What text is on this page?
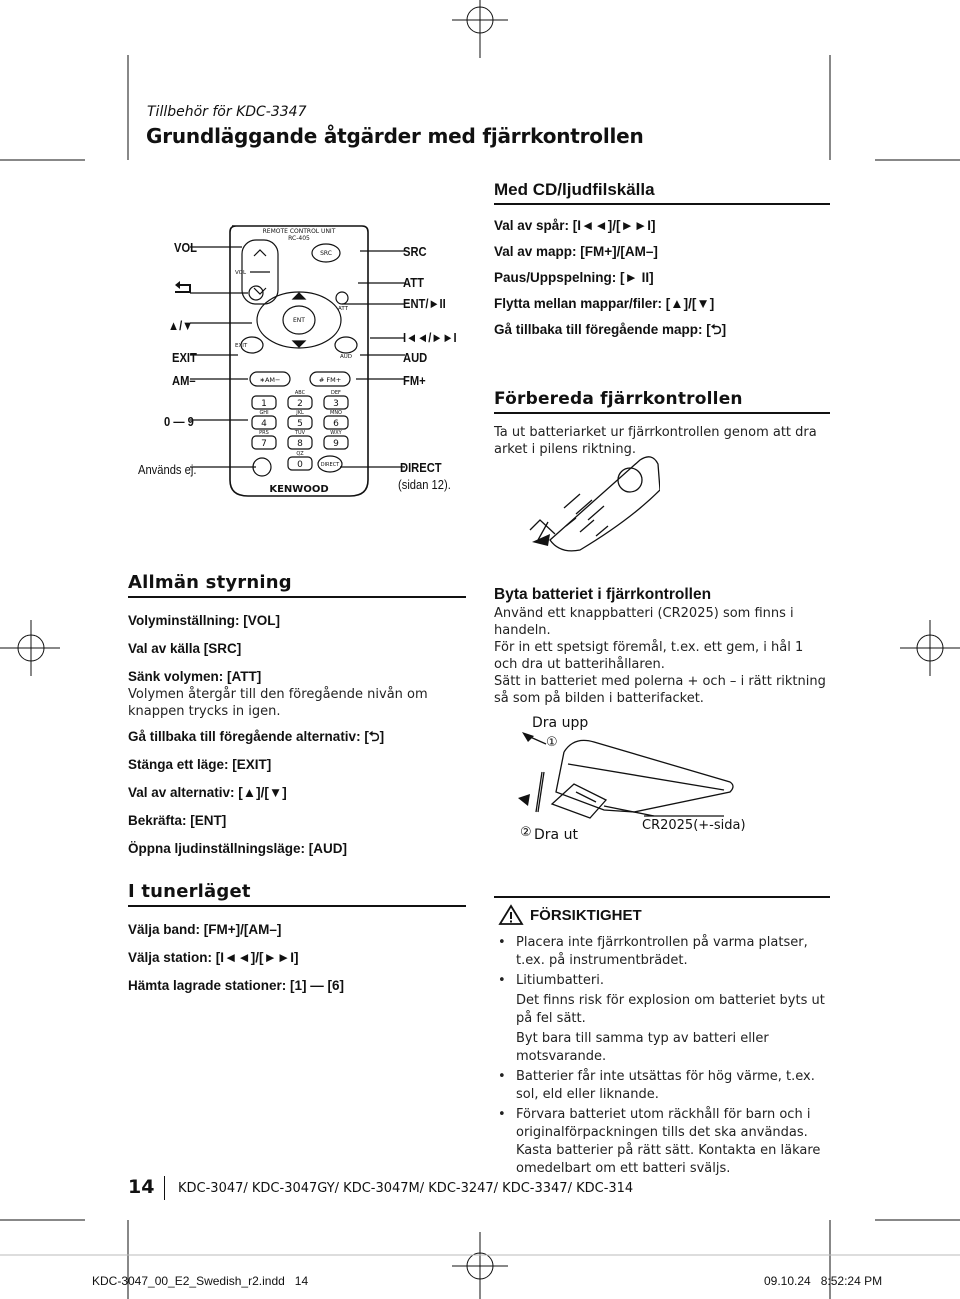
Tillbehör för KDC-3347
Grundläggande åtgärder med fjärrkontrollen
VOL
▲/▼
EXIT
AM–
0 — 9
Används ej.
REMOTE CONTROL UNIT
RC-405
VOL
SRC
EXIT
ATT
AUD
ENT
∗AM−	# FM+
1	2	3
4	5	6
7	8	9
0
ABC	DEF
GHI	JKL	MNO
PRS	TUV	WXY
QZ
DIRECT
KENWOOD
SRC
ATT
ENT/►II
I◄◄/►►I
AUD
FM+
DIRECT
(sidan 12).
Med CD/ljudfilskälla
Val av spår: [I◄◄]/[►►I]
Val av mapp: [FM+]/[AM–]
Paus/Uppspelning: [► II]
Flytta mellan mappar/filer: [▲]/[▼]
Gå tillbaka till föregående mapp: [⮌]
Förbereda fjärrkontrollen
Ta ut batteriarket ur fjärrkontrollen genom att dra arket i pilens riktning.
Allmän styrning
Volyminställning: [VOL]
Val av källa [SRC]
Sänk volymen: [ATT]
Volymen återgår till den föregående nivån om knappen trycks in igen.
Gå tillbaka till föregående alternativ: [⮌]
Stänga ett läge: [EXIT]
Val av alternativ: [▲]/[▼]
Bekräfta: [ENT]
Öppna ljudinställningsläge: [AUD]
I tunerläget
Välja band: [FM+]/[AM–]
Välja station: [I◄◄]/[►►I]
Hämta lagrade stationer: [1] — [6]
Byta batteriet i fjärrkontrollen
Använd ett knappbatteri (CR2025) som finns i handeln.
För in ett spetsigt föremål, t.ex. ett gem, i hål 1 och dra ut batterihållaren.
Sätt in batteriet med polerna + och – i rätt riktning så som på bilden i batterifacket.
Dra upp
①
② Dra ut
CR2025(+-sida)
FÖRSIKTIGHET
• Placera inte fjärrkontrollen på varma platser, t.ex. på instrumentbrädet.
• Litiumbatteri.
Det finns risk för explosion om batteriet byts ut på fel sätt.
Byt bara till samma typ av batteri eller motsvarande.
• Batterier får inte utsättas för hög värme, t.ex. sol, eld eller liknande.
• Förvara batteriet utom räckhåll för barn och i originalförpackningen tills det ska användas. Kasta batterier på rätt sätt. Kontakta en läkare omedelbart om ett batteri sväljs.
14 KDC-3047/ KDC-3047GY/ KDC-3047M/ KDC-3247/ KDC-3347/ KDC-314
KDC-3047_00_E2_Swedish_r2.indd   14	09.10.24   8:52:24 PM
